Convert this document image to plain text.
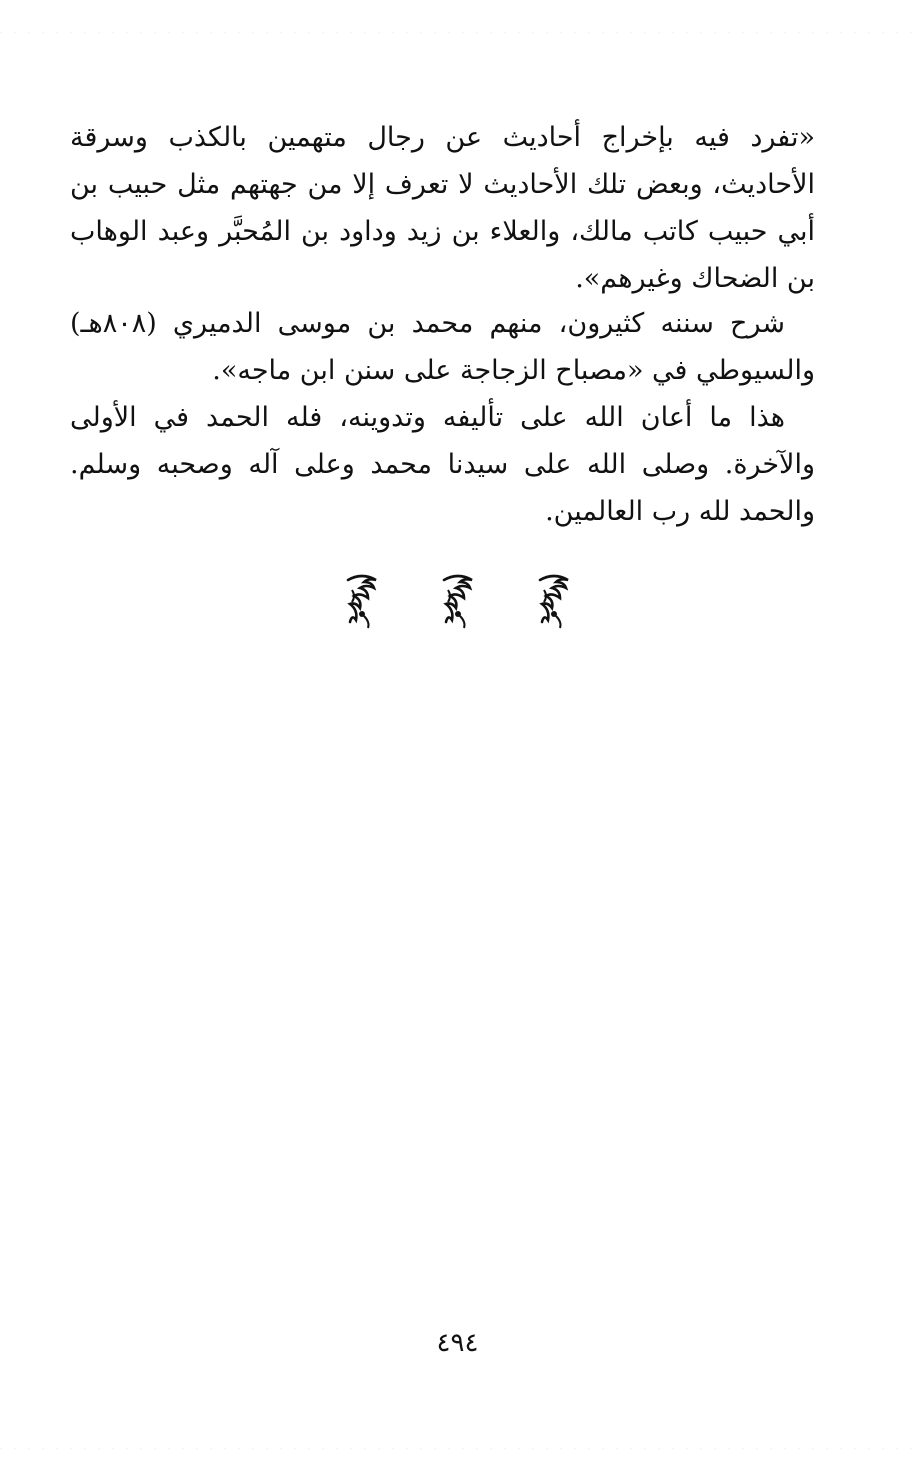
«تفرد فيه بإخراج أحاديث عن رجال متهمين بالكذب وسرقة الأحاديث، وبعض تلك الأحاديث لا تعرف إلا من جهتهم مثل حبيب بن أبي حبيب كاتب مالك، والعلاء بن زيد وداود بن المُحبَّر وعبد الوهاب بن الضحاك وغيرهم».

شرح سننه كثيرون، منهم محمد بن موسى الدميري (٨٠٨هـ) والسيوطي في «مصباح الزجاجة على سنن ابن ماجه».

هذا ما أعان الله على تأليفه وتدوينه، فله الحمد في الأولى والآخرة. وصلى الله على سيدنا محمد وعلى آله وصحبه وسلم. والحمد لله رب العالمين.

٤٩٤
